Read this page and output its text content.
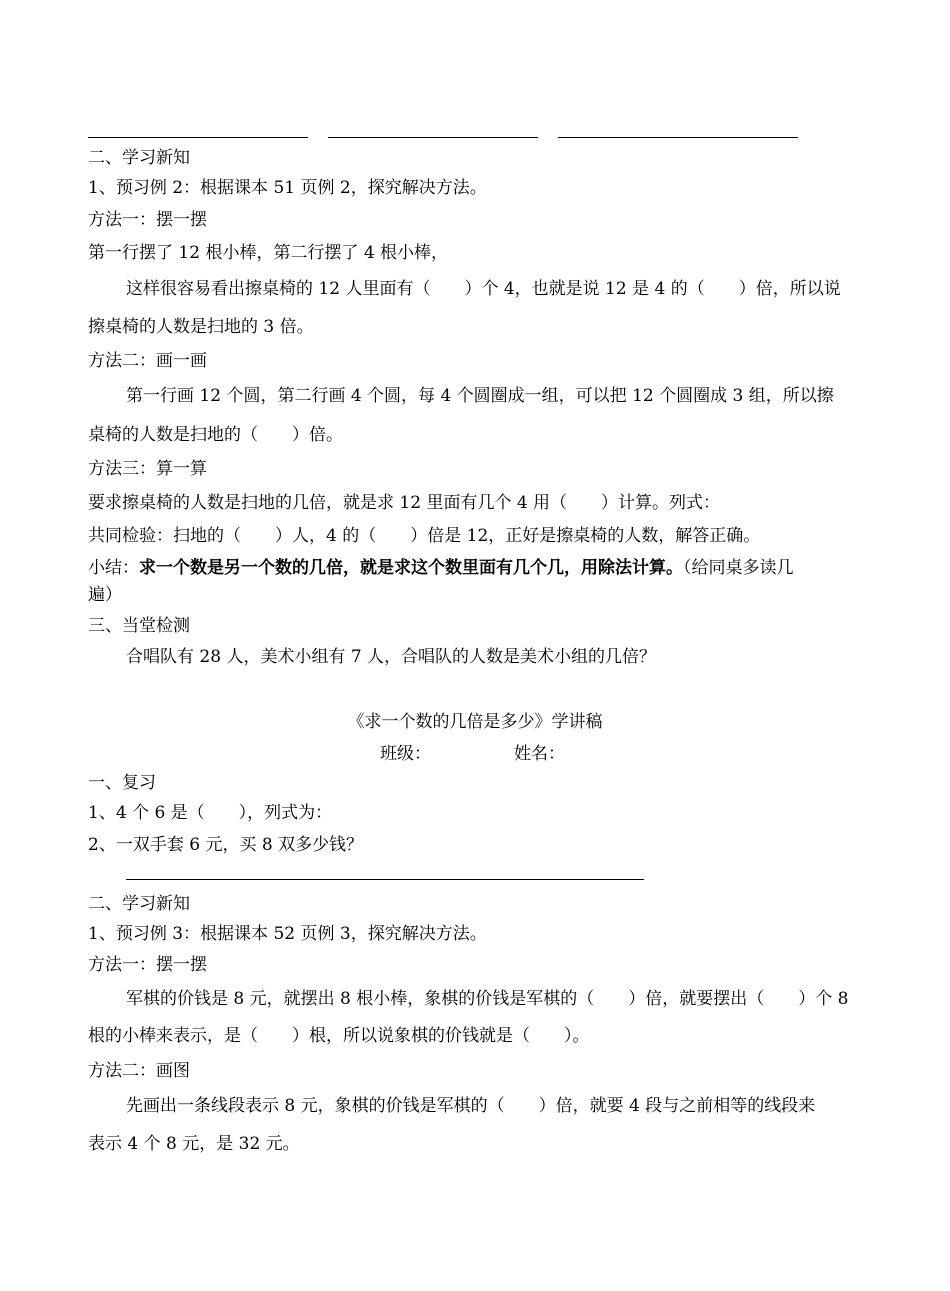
二、学习新知
1、预习例 2：根据课本 51 页例 2，探究解决方法。
方法一：摆一摆
第一行摆了 12 根小棒，第二行摆了 4 根小棒，
这样很容易看出擦桌椅的 12 人里面有（　　）个 4，也就是说 12 是 4 的（　　）倍，所以说
擦桌椅的人数是扫地的 3 倍。
方法二：画一画
第一行画 12 个圆，第二行画 4 个圆，每 4 个圆圈成一组，可以把 12 个圆圈成 3 组，所以擦
桌椅的人数是扫地的（　　）倍。
方法三：算一算
要求擦桌椅的人数是扫地的几倍，就是求 12 里面有几个 4 用（　　）计算。列式：
共同检验：扫地的（　　）人，4 的（　　）倍是 12，正好是擦桌椅的人数，解答正确。
小结：求一个数是另一个数的几倍，就是求这个数里面有几个几，用除法计算。（给同桌多读几
遍）
三、当堂检测
合唱队有 28 人，美术小组有 7 人，合唱队的人数是美术小组的几倍？
《求一个数的几倍是多少》学讲稿
班级：	姓名：
一、复习
1、4 个 6 是（　　），列式为：
2、一双手套 6 元，买 8 双多少钱？
二、学习新知
1、预习例 3：根据课本 52 页例 3，探究解决方法。
方法一：摆一摆
军棋的价钱是 8 元，就摆出 8 根小棒，象棋的价钱是军棋的（　　）倍，就要摆出（　　）个 8
根的小棒来表示，是（　　）根，所以说象棋的价钱就是（　　）。
方法二：画图
先画出一条线段表示 8 元，象棋的价钱是军棋的（　　）倍，就要 4 段与之前相等的线段来
表示 4 个 8 元，是 32 元。
